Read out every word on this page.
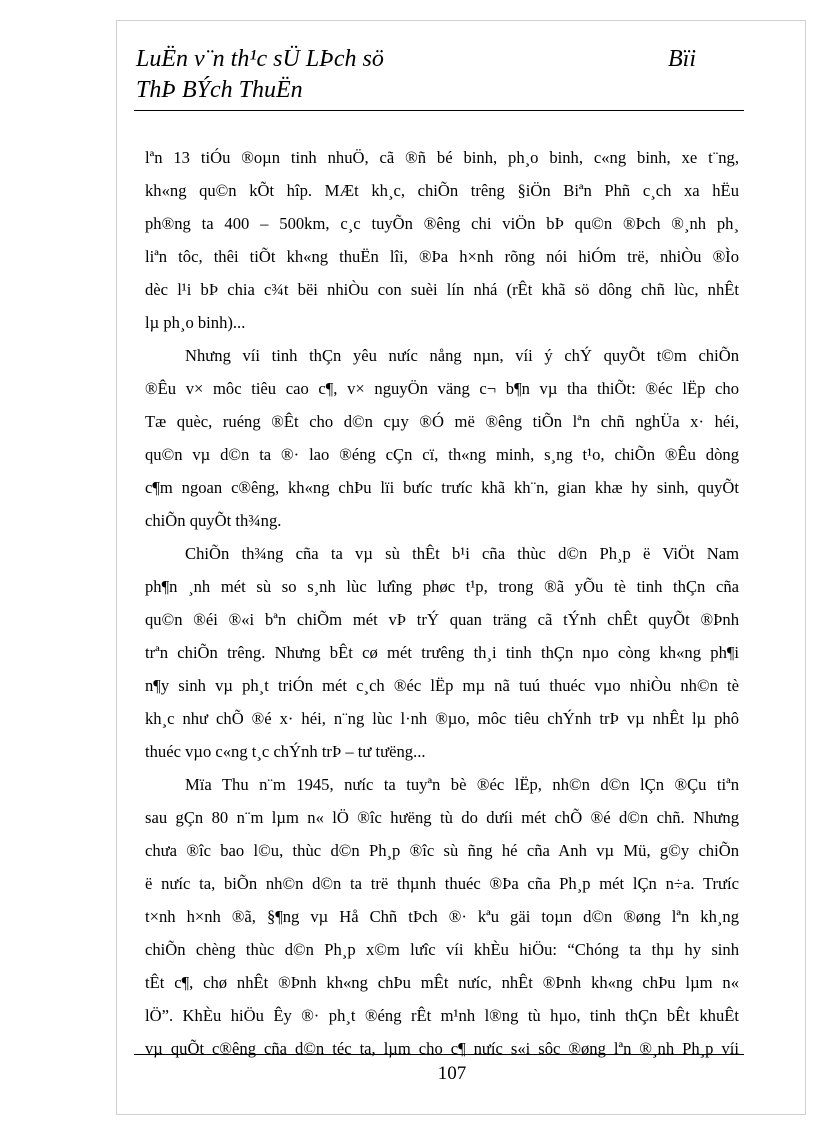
LuËn v¨n th¹c sÜ LÞch sö	Bïi
ThÞ BÝch ThuËn
lªn 13 tiÓu ®oµn tinh nhuÖ, cã ®ñ bé binh, ph¸o binh, c«ng binh, xe t¨ng,
kh«ng qu©n kÕt hîp. MÆt kh¸c, chiÕn trêng §iÖn Biªn Phñ c¸ch xa hËu
ph®ng ta 400 – 500km, c¸c tuyÕn ®êng chi viÖn bÞ qu©n ®Þch ®¸nh ph¸
liªn tôc, thêi tiÕt kh«ng thuËn lîi, ®Þa h×nh rõng nói hiÓm trë, nhiÒu ®Ìo
dèc l¹i bÞ chia c¾t bëi nhiÒu con suèi lín nhá (rÊt khã sö dông chñ lùc, nhÊt
lµ ph¸o binh)...
Nhưng víi tinh thÇn yêu nưíc nång nµn, víi ý chÝ quyÕt t©m chiÕn
®Êu v× môc tiêu cao c¶, v× nguyÖn väng c¬ b¶n vµ tha thiÕt: ®éc lËp cho
Tæ quèc, ruéng ®Êt cho d©n cµy ®Ó më ®êng tiÕn lªn chñ nghÜa x· héi,
qu©n vµ d©n ta ®· lao ®éng cÇn cï, th«ng minh, s¸ng t¹o, chiÕn ®Êu dòng
c¶m ngoan c®êng, kh«ng chÞu lïi bưíc trưíc khã kh¨n, gian khæ hy sinh, quyÕt
chiÕn quyÕt th¾ng.
ChiÕn th¾ng cña ta vµ sù thÊt b¹i cña thùc d©n Ph¸p ë ViÖt Nam
ph¶n ¸nh mét sù so s¸nh lùc lưîng phøc t¹p, trong ®ã yÕu tè tinh thÇn cña
qu©n ®éi ®«i bªn chiÕm mét vÞ trÝ quan träng cã tÝnh chÊt quyÕt ®Þnh
trªn chiÕn trêng. Nhưng bÊt cø mét trưêng th¸i tinh thÇn nµo còng kh«ng ph¶i
n¶y sinh vµ ph¸t triÓn mét c¸ch ®éc lËp mµ nã tuú thuéc vµo nhiÒu nh©n tè
kh¸c như chÕ ®é x· héi, n¨ng lùc l·nh ®µo, môc tiêu chÝnh trÞ vµ nhÊt lµ phô
thuéc vµo c«ng t¸c chÝnh trÞ – tư tưëng...
Mïa Thu n¨m 1945, nưíc ta tuyªn bè ®éc lËp, nh©n d©n lÇn ®Çu tiªn
sau gÇn 80 n¨m lµm n« lÖ ®îc hưëng tù do dưíi mét chÕ ®é d©n chñ. Nhưng
chưa ®îc bao l©u, thùc d©n Ph¸p ®îc sù ñng hé cña Anh vµ Mü, g©y chiÕn
ë nưíc ta, biÕn nh©n d©n ta trë thµnh thuéc ®Þa cña Ph¸p mét lÇn n÷a. Trưíc
t×nh h×nh ®ã, §¶ng vµ Hå Chñ tÞch ®· kªu gäi toµn d©n ®øng lªn kh¸ng
chiÕn chèng thùc d©n Ph¸p x©m lưîc víi khÈu hiÖu: “Chóng ta thµ hy sinh
tÊt c¶, chø nhÊt ®Þnh kh«ng chÞu mÊt nưíc, nhÊt ®Þnh kh«ng chÞu lµm n«
lÖ”. KhÈu hiÖu Êy ®· ph¸t ®éng rÊt m¹nh l®ng tù hµo, tinh thÇn bÊt khuÊt
vµ quÕt c®êng cña d©n téc ta, lµm cho c¶ nưíc s«i sôc ®øng lªn ®¸nh Ph¸p víi
107
